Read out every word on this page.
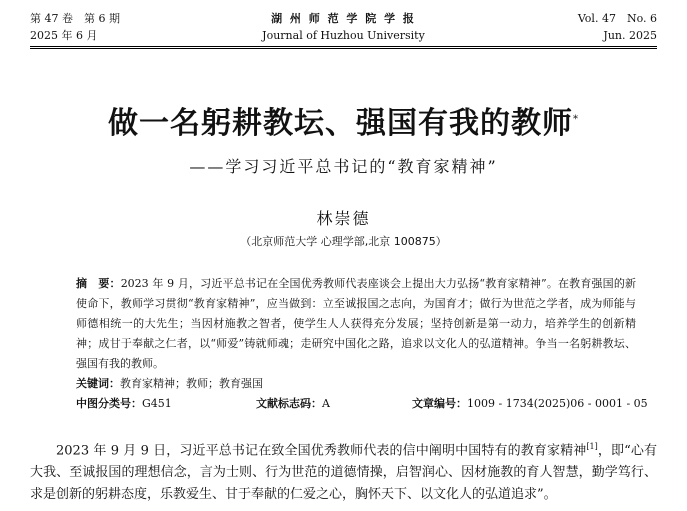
第 47 卷　第 6 期
2025 年 6 月
湖 州 师 范 学 院 学 报
Journal of Huzhou University
Vol. 47　No. 6
Jun. 2025
做一名躬耕教坛、强国有我的教师*
——学习习近平总书记的“教育家精神”
林崇德
（北京师范大学 心理学部,北京 100875）
摘　要：2023 年 9 月，习近平总书记在全国优秀教师代表座谈会上提出大力弘扬“教育家精神”。在教育强国的新使命下，教师学习贯彻“教育家精神”，应当做到：立至诚报国之志向，为国育才；做行为世范之学者，成为师能与师德相统一的大先生；当因材施教之智者，使学生人人获得充分发展；坚持创新是第一动力，培养学生的创新精神；成甘于奉献之仁者，以“师爱”铸就师魂；走研究中国化之路，追求以文化人的弘道精神。争当一名躬耕教坛、强国有我的教师。
关键词：教育家精神；教师；教育强国
中图分类号：G451	文献标志码：A	文章编号：1009 - 1734(2025)06 - 0001 - 05
2023 年 9 月 9 日，习近平总书记在致全国优秀教师代表的信中阐明中国特有的教育家精神[1]，即“心有大我、至诚报国的理想信念，言为士则、行为世范的道德情操，启智润心、因材施教的育人智慧，勤学笃行、求是创新的躬耕态度，乐教爱生、甘于奉献的仁爱之心，胸怀天下、以文化人的弘道追求”。
